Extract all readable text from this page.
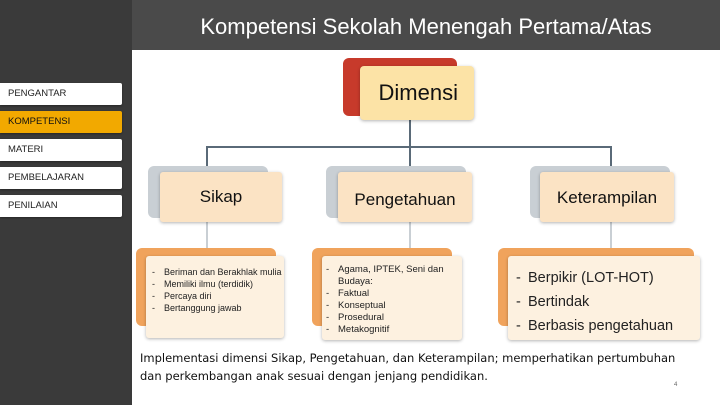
PENGANTAR
KOMPETENSI
MATERI
PEMBELAJARAN
PENILAIAN
Kompetensi Sekolah Menengah Pertama/Atas
Dimensi
Sikap	Pengetahuan	Keterampilan
- Beriman dan Berakhlak mulia
- Memiliki ilmu (terdidik)
- Percaya diri
- Bertanggung jawab
- Agama, IPTEK, Seni dan Budaya:
- Faktual
- Konseptual
- Prosedural
- Metakognitif
- Berpikir (LOT-HOT)
- Bertindak
- Berbasis pengetahuan
Implementasi dimensi Sikap, Pengetahuan, dan Keterampilan; memperhatikan pertumbuhan dan perkembangan anak sesuai dengan jenjang pendidikan.
4
